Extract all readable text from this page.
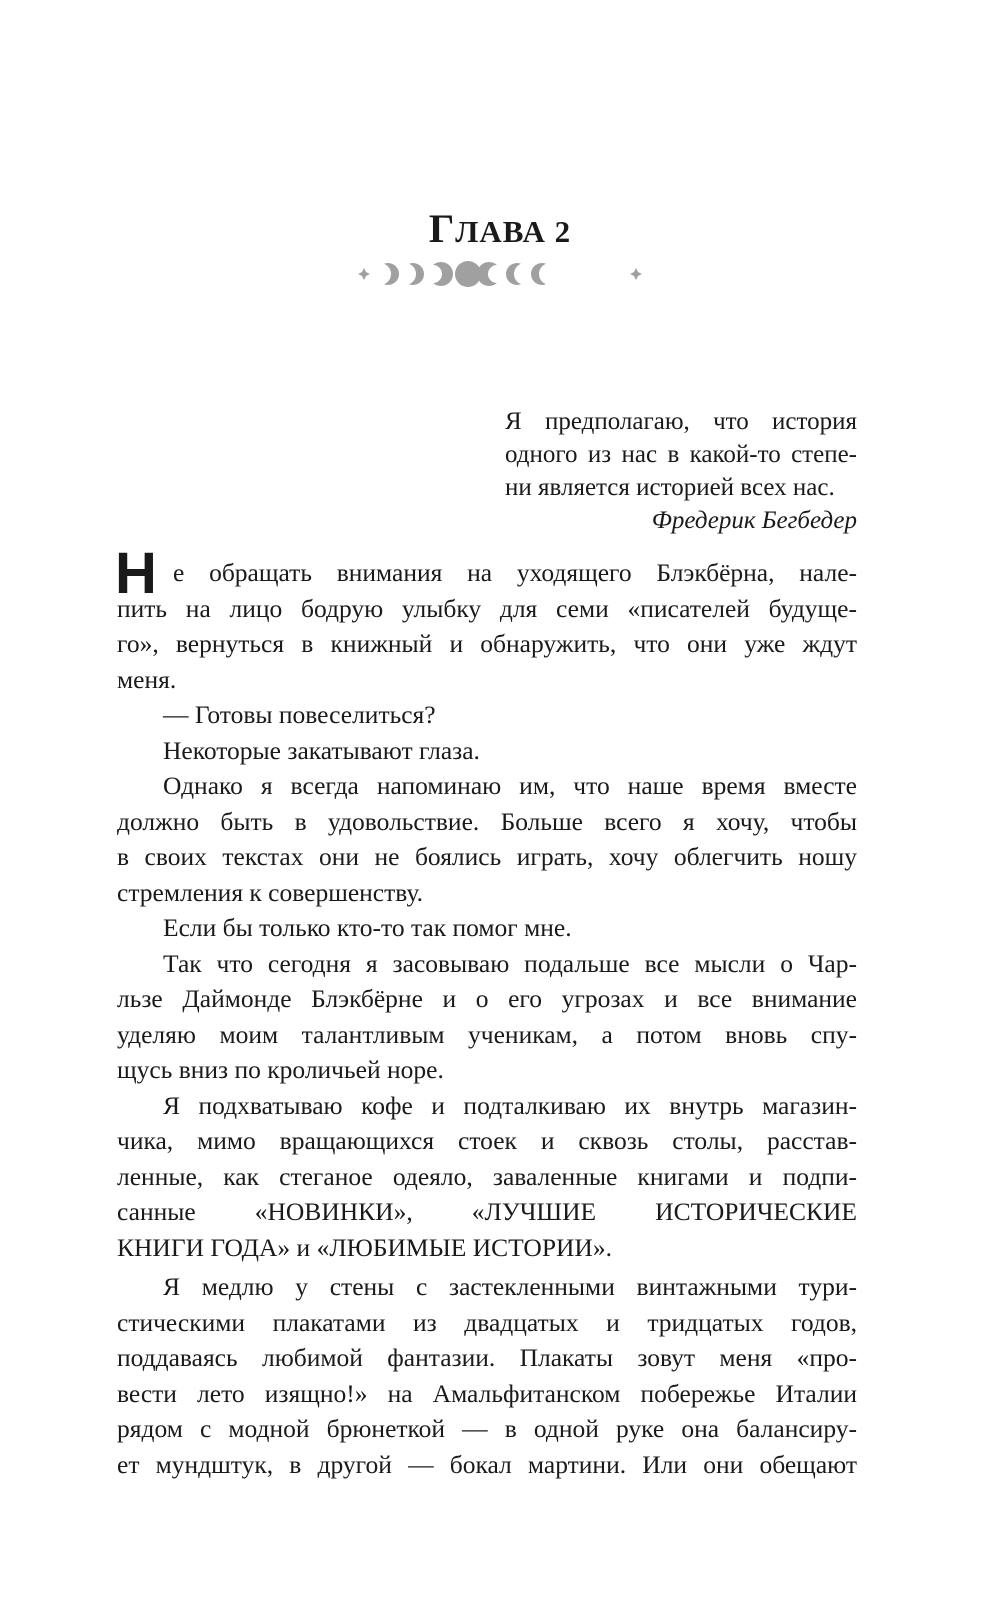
ГЛАВА 2
Я предполагаю, что история
одного из нас в какой-то степе-
ни является историей всех нас.
Фредерик Бегбедер
Н е обращать внимания на уходящего Блэкбёрна, нале-
пить на лицо бодрую улыбку для семи «писателей будуще-
го», вернуться в книжный и обнаружить, что они уже ждут
меня.
— Готовы повеселиться?
Некоторые закатывают глаза.
Однако я всегда напоминаю им, что наше время вместе
должно быть в удовольствие. Больше всего я хочу, чтобы
в своих текстах они не боялись играть, хочу облегчить ношу
стремления к совершенству.
Если бы только кто-то так помог мне.
Так что сегодня я засовываю подальше все мысли о Чар-
льзе Даймонде Блэкбёрне и о его угрозах и все внимание
уделяю моим талантливым ученикам, а потом вновь спу-
щусь вниз по кроличьей норе.
Я подхватываю кофе и подталкиваю их внутрь магазин-
чика, мимо вращающихся стоек и сквозь столы, расстав-
ленные, как стеганое одеяло, заваленные книгами и подпи-
санные «НОВИНКИ», «ЛУЧШИЕ ИСТОРИЧЕСКИЕ
КНИГИ ГОДА» и «ЛЮБИМЫЕ ИСТОРИИ».
Я медлю у стены с застекленными винтажными тури-
стическими плакатами из двадцатых и тридцатых годов,
поддаваясь любимой фантазии. Плакаты зовут меня «про-
вести лето изящно!» на Амальфитанском побережье Италии
рядом с модной брюнеткой — в одной руке она балансиру-
ет мундштук, в другой — бокал мартини. Или они обещают
